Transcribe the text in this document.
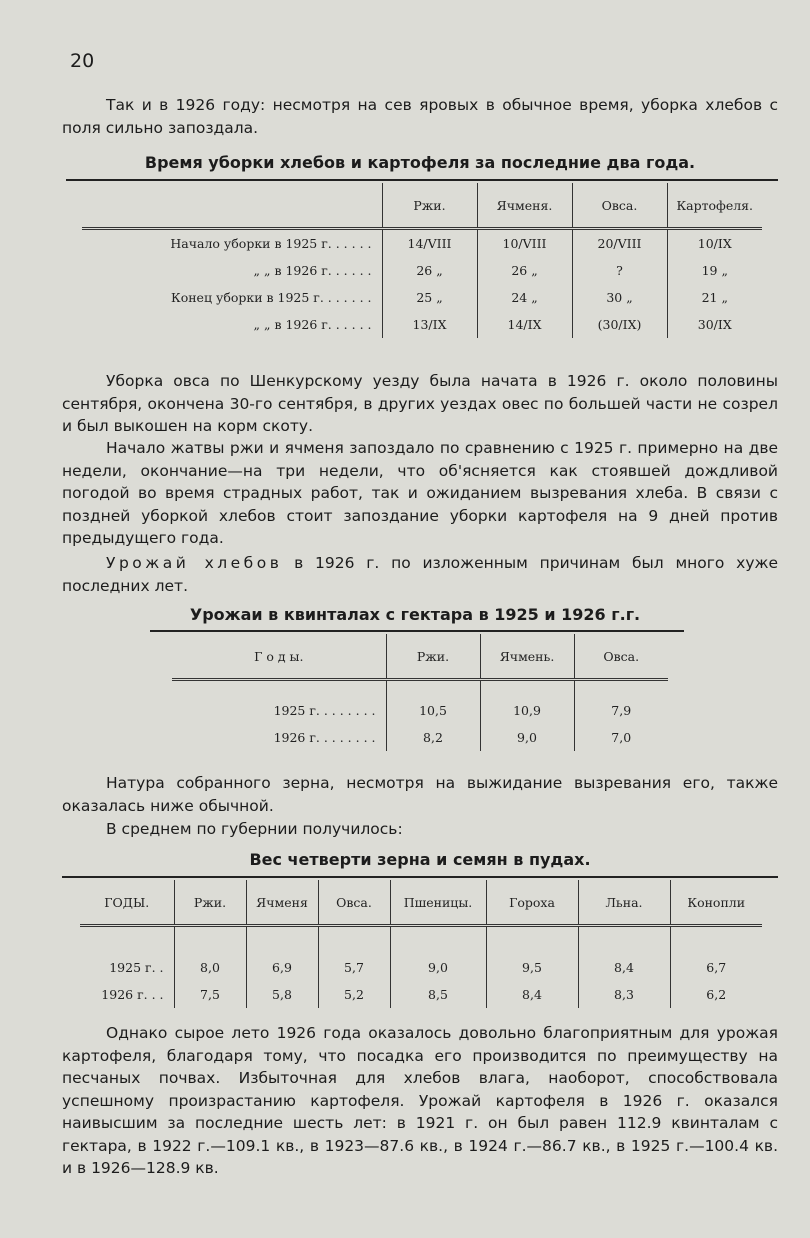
20
Так и в 1926 году: несмотря на сев яровых в обычное время, уборка хлебов с поля сильно запоздала.
Время уборки хлебов и картофеля за последние два года.
	Ржи.	Ячменя.	Овса.	Картофеля.
Начало уборки в 1925 г. . . . . .	14/VIII	10/VIII	20/VIII	10/IX
„ „ в 1926 г. . . . . .	26 „	26 „	?	19 „
Конец уборки в 1925 г. . . . . . .	25 „	24 „	30 „	21 „
„ „ в 1926 г. . . . . .	13/IX	14/IX	(30/IX)	30/IX
Уборка овса по Шенкурскому уезду была начата в 1926 г. около половины сентября, окончена 30-го сентября, в других уездах овес по большей части не созрел и был выкошен на корм скоту.
Начало жатвы ржи и ячменя запоздало по сравнению с 1925 г. примерно на две недели, окончание—на три недели, что об'ясняется как стоявшей дождливой погодой во время страдных работ, так и ожиданием вызревания хлеба. В связи с поздней уборкой хлебов стоит запоздание уборки картофеля на 9 дней против предыдущего года.
Урожай хлебов в 1926 г. по изложенным причинам был много хуже последних лет.
Урожаи в квинталах с гектара в 1925 и 1926 г.г.
Г о д ы.	Ржи.	Ячмень.	Овса.

1925 г. . . . . . . .	10,5	10,9	7,9
1926 г. . . . . . . .	8,2	9,0	7,0
Натура собранного зерна, несмотря на выжидание вызревания его, также оказалась ниже обычной.
В среднем по губернии получилось:
Вес четверти зерна и семян в пудах.
ГОДЫ.	Ржи.	Ячменя	Овса.	Пшеницы.	Гороха	Льна.	Конопли

1925 г. .	8,0	6,9	5,7	9,0	9,5	8,4	6,7
1926 г. . .	7,5	5,8	5,2	8,5	8,4	8,3	6,2
Однако сырое лето 1926 года оказалось довольно благоприятным для урожая картофеля, благодаря тому, что посадка его производится по преимуществу на песчаных почвах. Избыточная для хлебов влага, наоборот, способствовала успешному произрастанию картофеля. Урожай картофеля в 1926 г. оказался наивысшим за последние шесть лет: в 1921 г. он был равен 112.9 квинталам с гектара, в 1922 г.—109.1 кв., в 1923—87.6 кв., в 1924 г.—86.7 кв., в 1925 г.—100.4 кв. и в 1926—128.9 кв.
